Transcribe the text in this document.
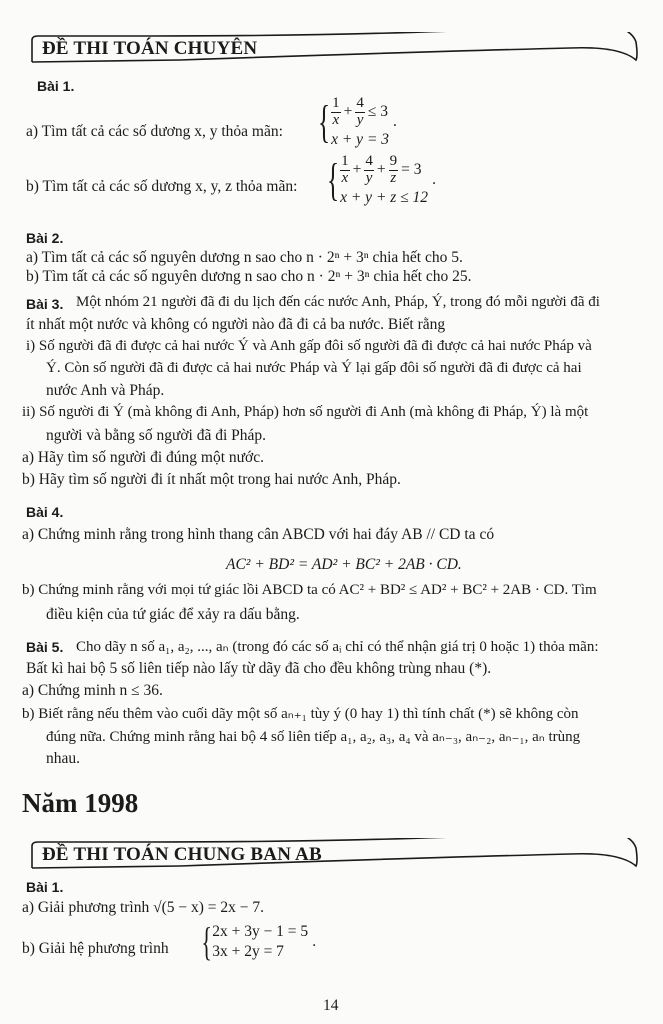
ĐỀ THI TOÁN CHUYÊN
Bài 1.
a) Tìm tất cả các số dương x, y thỏa mãn: { $\frac{1}{x} + \frac{4}{y} \le 3$
x + y = 3
.
b) Tìm tất cả các số dương x, y, z thỏa mãn: { $\frac{1}{x} + \frac{4}{y} + \frac{9}{z} = 3$
x + y + z ≤ 12
.
Bài 2.
a) Tìm tất cả các số nguyên dương n sao cho n · 2ⁿ + 3ⁿ chia hết cho 5.
b) Tìm tất cả các số nguyên dương n sao cho n · 2ⁿ + 3ⁿ chia hết cho 25.
Bài 3. Một nhóm 21 người đã đi du lịch đến các nước Anh, Pháp, Ý, trong đó mỗi người đã đi
ít nhất một nước và không có người nào đã đi cả ba nước. Biết rằng
i) Số người đã đi được cả hai nước Ý và Anh gấp đôi số người đã đi được cả hai nước Pháp và
Ý. Còn số người đã đi được cả hai nước Pháp và Ý lại gấp đôi số người đã đi được cả hai
nước Anh và Pháp.
ii) Số người đi Ý (mà không đi Anh, Pháp) hơn số người đi Anh (mà không đi Pháp, Ý) là một
người và bằng số người đã đi Pháp.
a) Hãy tìm số người đi đúng một nước.
b) Hãy tìm số người đi ít nhất một trong hai nước Anh, Pháp.
Bài 4.
a) Chứng minh rằng trong hình thang cân ABCD với hai đáy AB // CD ta có
AC² + BD² = AD² + BC² + 2AB · CD.
b) Chứng minh rằng với mọi tứ giác lồi ABCD ta có AC² + BD² ≤ AD² + BC² + 2AB · CD. Tìm
điều kiện của tứ giác để xảy ra dấu bằng.
Bài 5. Cho dãy n số a₁, a₂, ..., aₙ (trong đó các số aᵢ chỉ có thể nhận giá trị 0 hoặc 1) thỏa mãn:
Bất kì hai bộ 5 số liên tiếp nào lấy từ dãy đã cho đều không trùng nhau (*).
a) Chứng minh n ≤ 36.
b) Biết rằng nếu thêm vào cuối dãy một số aₙ₊₁ tùy ý (0 hay 1) thì tính chất (*) sẽ không còn
đúng nữa. Chứng minh rằng hai bộ 4 số liên tiếp a₁, a₂, a₃, a₄ và aₙ₋₃, aₙ₋₂, aₙ₋₁, aₙ trùng
nhau.
Năm 1998
ĐỀ THI TOÁN CHUNG BAN AB
Bài 1.
a) Giải phương trình √(5 − x) = 2x − 7.
b) Giải hệ phương trình { 2x + 3y − 1 = 5
3x + 2y = 7
.
14
